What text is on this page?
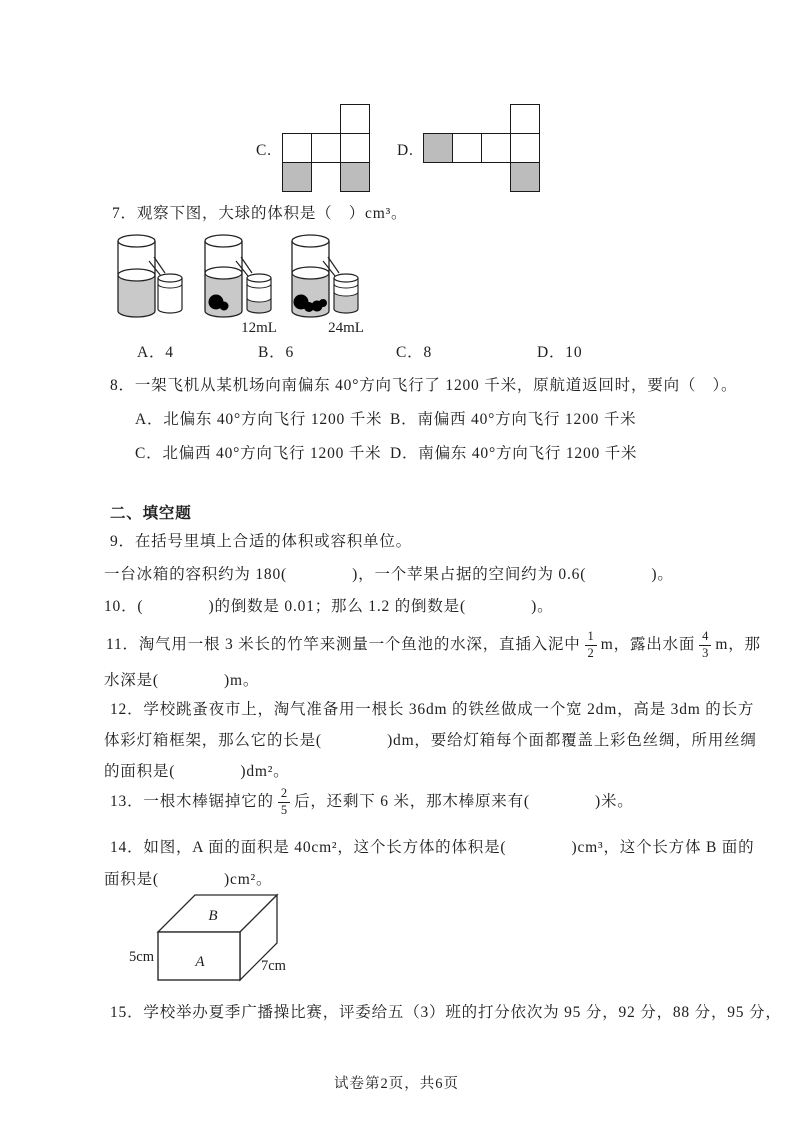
C.	D.
7．观察下图，大球的体积是（　）cm³。
12mL	24mL
A．4	B．6	C．8	D．10
8．一架飞机从某机场向南偏东 40°方向飞行了 1200 千米，原航道返回时，要向（　）。
A．北偏东 40°方向飞行 1200 千米 B．南偏西 40°方向飞行 1200 千米
C．北偏西 40°方向飞行 1200 千米 D．南偏东 40°方向飞行 1200 千米
二、填空题
9．在括号里填上合适的体积或容积单位。
一台冰箱的容积约为 180(　　　　)，一个苹果占据的空间约为 0.6(　　　　)。
10．(　　　　)的倒数是 0.01；那么 1.2 的倒数是(　　　　)。
11．淘气用一根 3 米长的竹竿来测量一个鱼池的水深，直插入泥中 $\frac{1}{2}$ m，露出水面 $\frac{4}{3}$ m，那
水深是(　　　　)m。
12．学校跳蚤夜市上，淘气准备用一根长 36dm 的铁丝做成一个宽 2dm，高是 3dm 的长方
体彩灯箱框架，那么它的长是(　　　　)dm，要给灯箱每个面都覆盖上彩色丝绸，所用丝绸
的面积是(　　　　)dm²。
13．一根木棒锯掉它的 $\frac{2}{5}$ 后，还剩下 6 米，那木棒原来有(　　　　)米。
14．如图，A 面的面积是 40cm²，这个长方体的体积是(　　　　)cm³，这个长方体 B 面的
面积是(　　　　)cm²。
B
A
5cm
7cm
15．学校举办夏季广播操比赛，评委给五（3）班的打分依次为 95 分，92 分，88 分，95 分，
试卷第2页，共6页
